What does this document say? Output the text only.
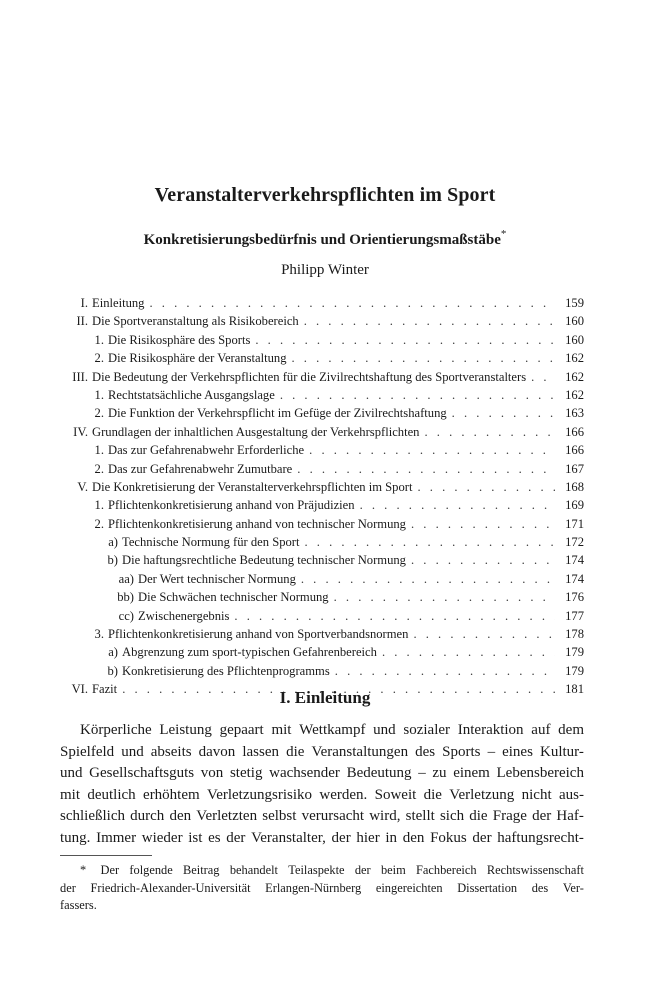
Veranstalterverkehrspflichten im Sport
Konkretisierungsbedürfnis und Orientierungsmaßstäbe*
Philipp Winter
I. Einleitung . . .	159
II. Die Sportveranstaltung als Risikobereich . . .	160
1. Die Risikosphäre des Sports . . .	160
2. Die Risikosphäre der Veranstaltung . . .	162
III. Die Bedeutung der Verkehrspflichten für die Zivilrechtshaftung des Sportveranstalters . . .	162
1. Rechtstatsächliche Ausgangslage . . .	162
2. Die Funktion der Verkehrspflicht im Gefüge der Zivilrechtshaftung . . .	163
IV. Grundlagen der inhaltlichen Ausgestaltung der Verkehrspflichten . . .	166
1. Das zur Gefahrenabwehr Erforderliche . . .	166
2. Das zur Gefahrenabwehr Zumutbare . . .	167
V. Die Konkretisierung der Veranstalterverkehrspflichten im Sport . . .	168
1. Pflichtenkonkretisierung anhand von Präjudizien . . .	169
2. Pflichtenkonkretisierung anhand von technischer Normung . . .	171
a) Technische Normung für den Sport . . .	172
b) Die haftungsrechtliche Bedeutung technischer Normung . . .	174
aa) Der Wert technischer Normung . . .	174
bb) Die Schwächen technischer Normung . . .	176
cc) Zwischenergebnis . . .	177
3. Pflichtenkonkretisierung anhand von Sportverbandsnormen . . .	178
a) Abgrenzung zum sport-typischen Gefahrenbereich . . .	179
b) Konkretisierung des Pflichtenprogramms . . .	179
VI. Fazit . . .	181
I. Einleitung
Körperliche Leistung gepaart mit Wettkampf und sozialer Interaktion auf dem
Spielfeld und abseits davon lassen die Veranstaltungen des Sports – eines Kultur-
und Gesellschaftsguts von stetig wachsender Bedeutung – zu einem Lebensbereich
mit deutlich erhöhtem Verletzungsrisiko werden. Soweit die Verletzung nicht aus-
schließlich durch den Verletzten selbst verursacht wird, stellt sich die Frage der Haf-
tung. Immer wieder ist es der Veranstalter, der hier in den Fokus der haftungsrecht-
* Der folgende Beitrag behandelt Teilaspekte der beim Fachbereich Rechtswissenschaft
der Friedrich-Alexander-Universität Erlangen-Nürnberg eingereichten Dissertation des Ver-
fassers.
